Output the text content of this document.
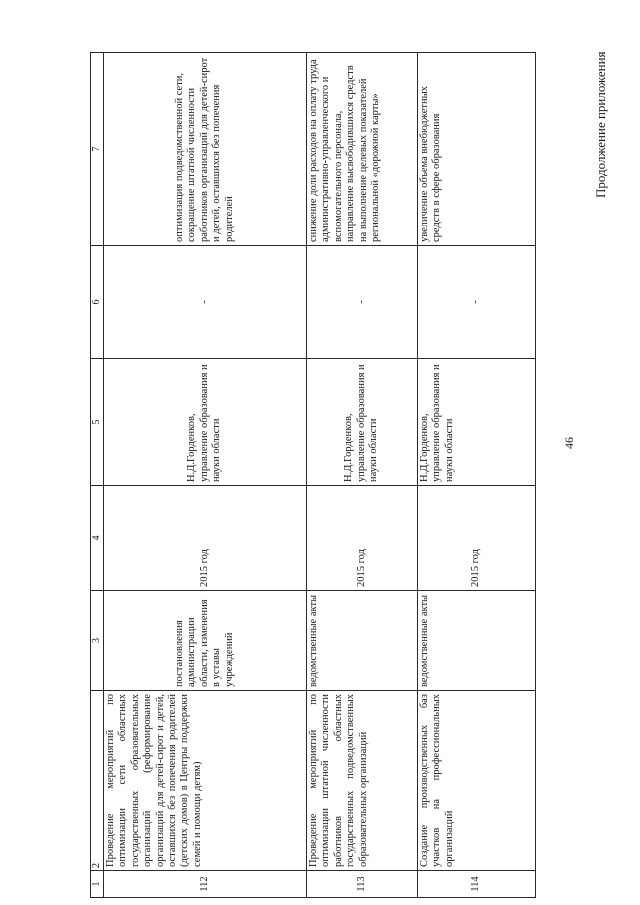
Продолжение приложения
46
1	2	3	4	5	6	7
112	Проведение мероприятий по оптимизации сети областных государственных образовательных организаций (реформирование организаций для детей-сирот и детей, оставшихся без попечения родителей (детских домов) в Центры поддержки семей и помощи детям)	постановления администрации области, изменения в уставы учреждений	2015 год	Н.Д.Горденков, управление образования и науки области	-	оптимизация подведомственной сети, сокращение штатной численности работников организаций для детей-сирот и детей, оставшихся без попечения родителей
113	Проведение мероприятий по оптимизации штатной численности работников областных государственных подведомственных образовательных организаций	ведомственные акты	2015 год	Н.Д.Горденков, управление образования и науки области	-	снижение доли расходов на оплату труда административно-управленческого и вспомогательного персонала, направление высвободившихся средств на выполнение целевых показателей региональной «дорожной карты»
114	Создание производственных баз участков на профессиональных организаций	ведомственные акты	2015 год	Н.Д.Горденков, управление образования и науки области	-	увеличение объема внебюджетных средств в сфере образования
